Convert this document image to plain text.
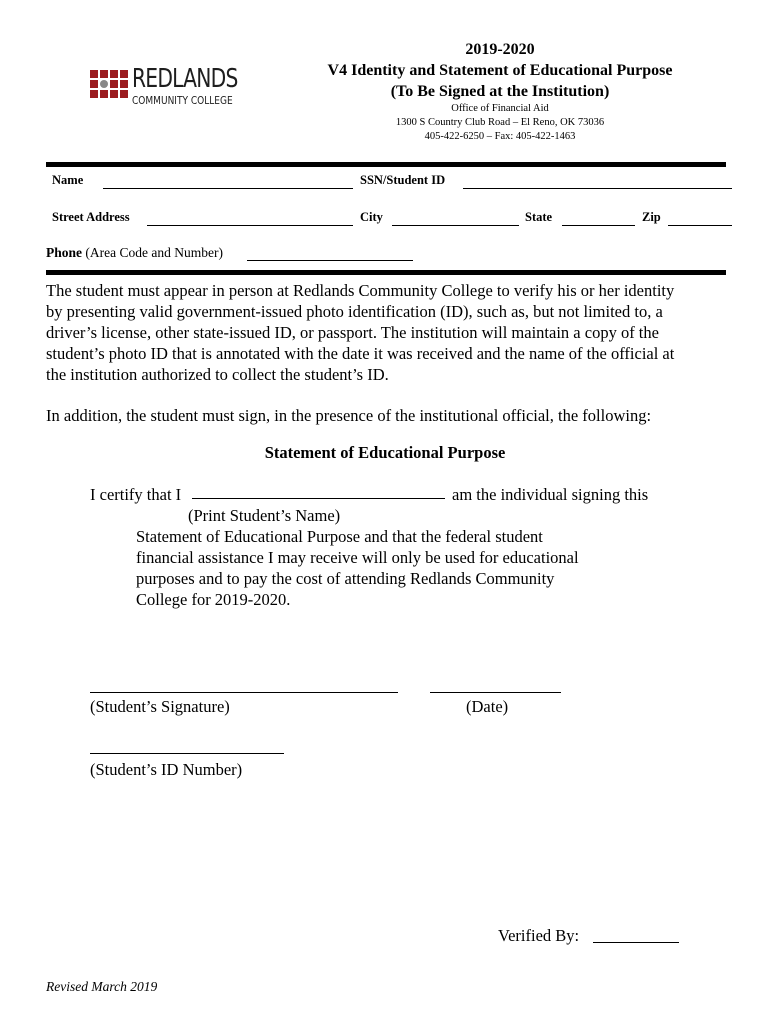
REDLANDS
COMMUNITY COLLEGE
2019-2020
V4 Identity and Statement of Educational Purpose
(To Be Signed at the Institution)
Office of Financial Aid
1300 S Country Club Road – El Reno, OK 73036
405-422-6250 – Fax: 405-422-1463
Name	SSN/Student ID
Street Address	City	State	Zip
Phone (Area Code and Number)
The student must appear in person at Redlands Community College to verify his or her identity
by presenting valid government-issued photo identification (ID), such as, but not limited to, a
driver’s license, other state-issued ID, or passport. The institution will maintain a copy of the
student’s photo ID that is annotated with the date it was received and the name of the official at
the institution authorized to collect the student’s ID.
In addition, the student must sign, in the presence of the institutional official, the following:
Statement of Educational Purpose
I certify that I	am the individual signing this
(Print Student’s Name)
Statement of Educational Purpose and that the federal student
financial assistance I may receive will only be used for educational
purposes and to pay the cost of attending Redlands Community
College for 2019-2020.
(Student’s Signature)	(Date)
(Student’s ID Number)
Verified By:
Revised March 2019
